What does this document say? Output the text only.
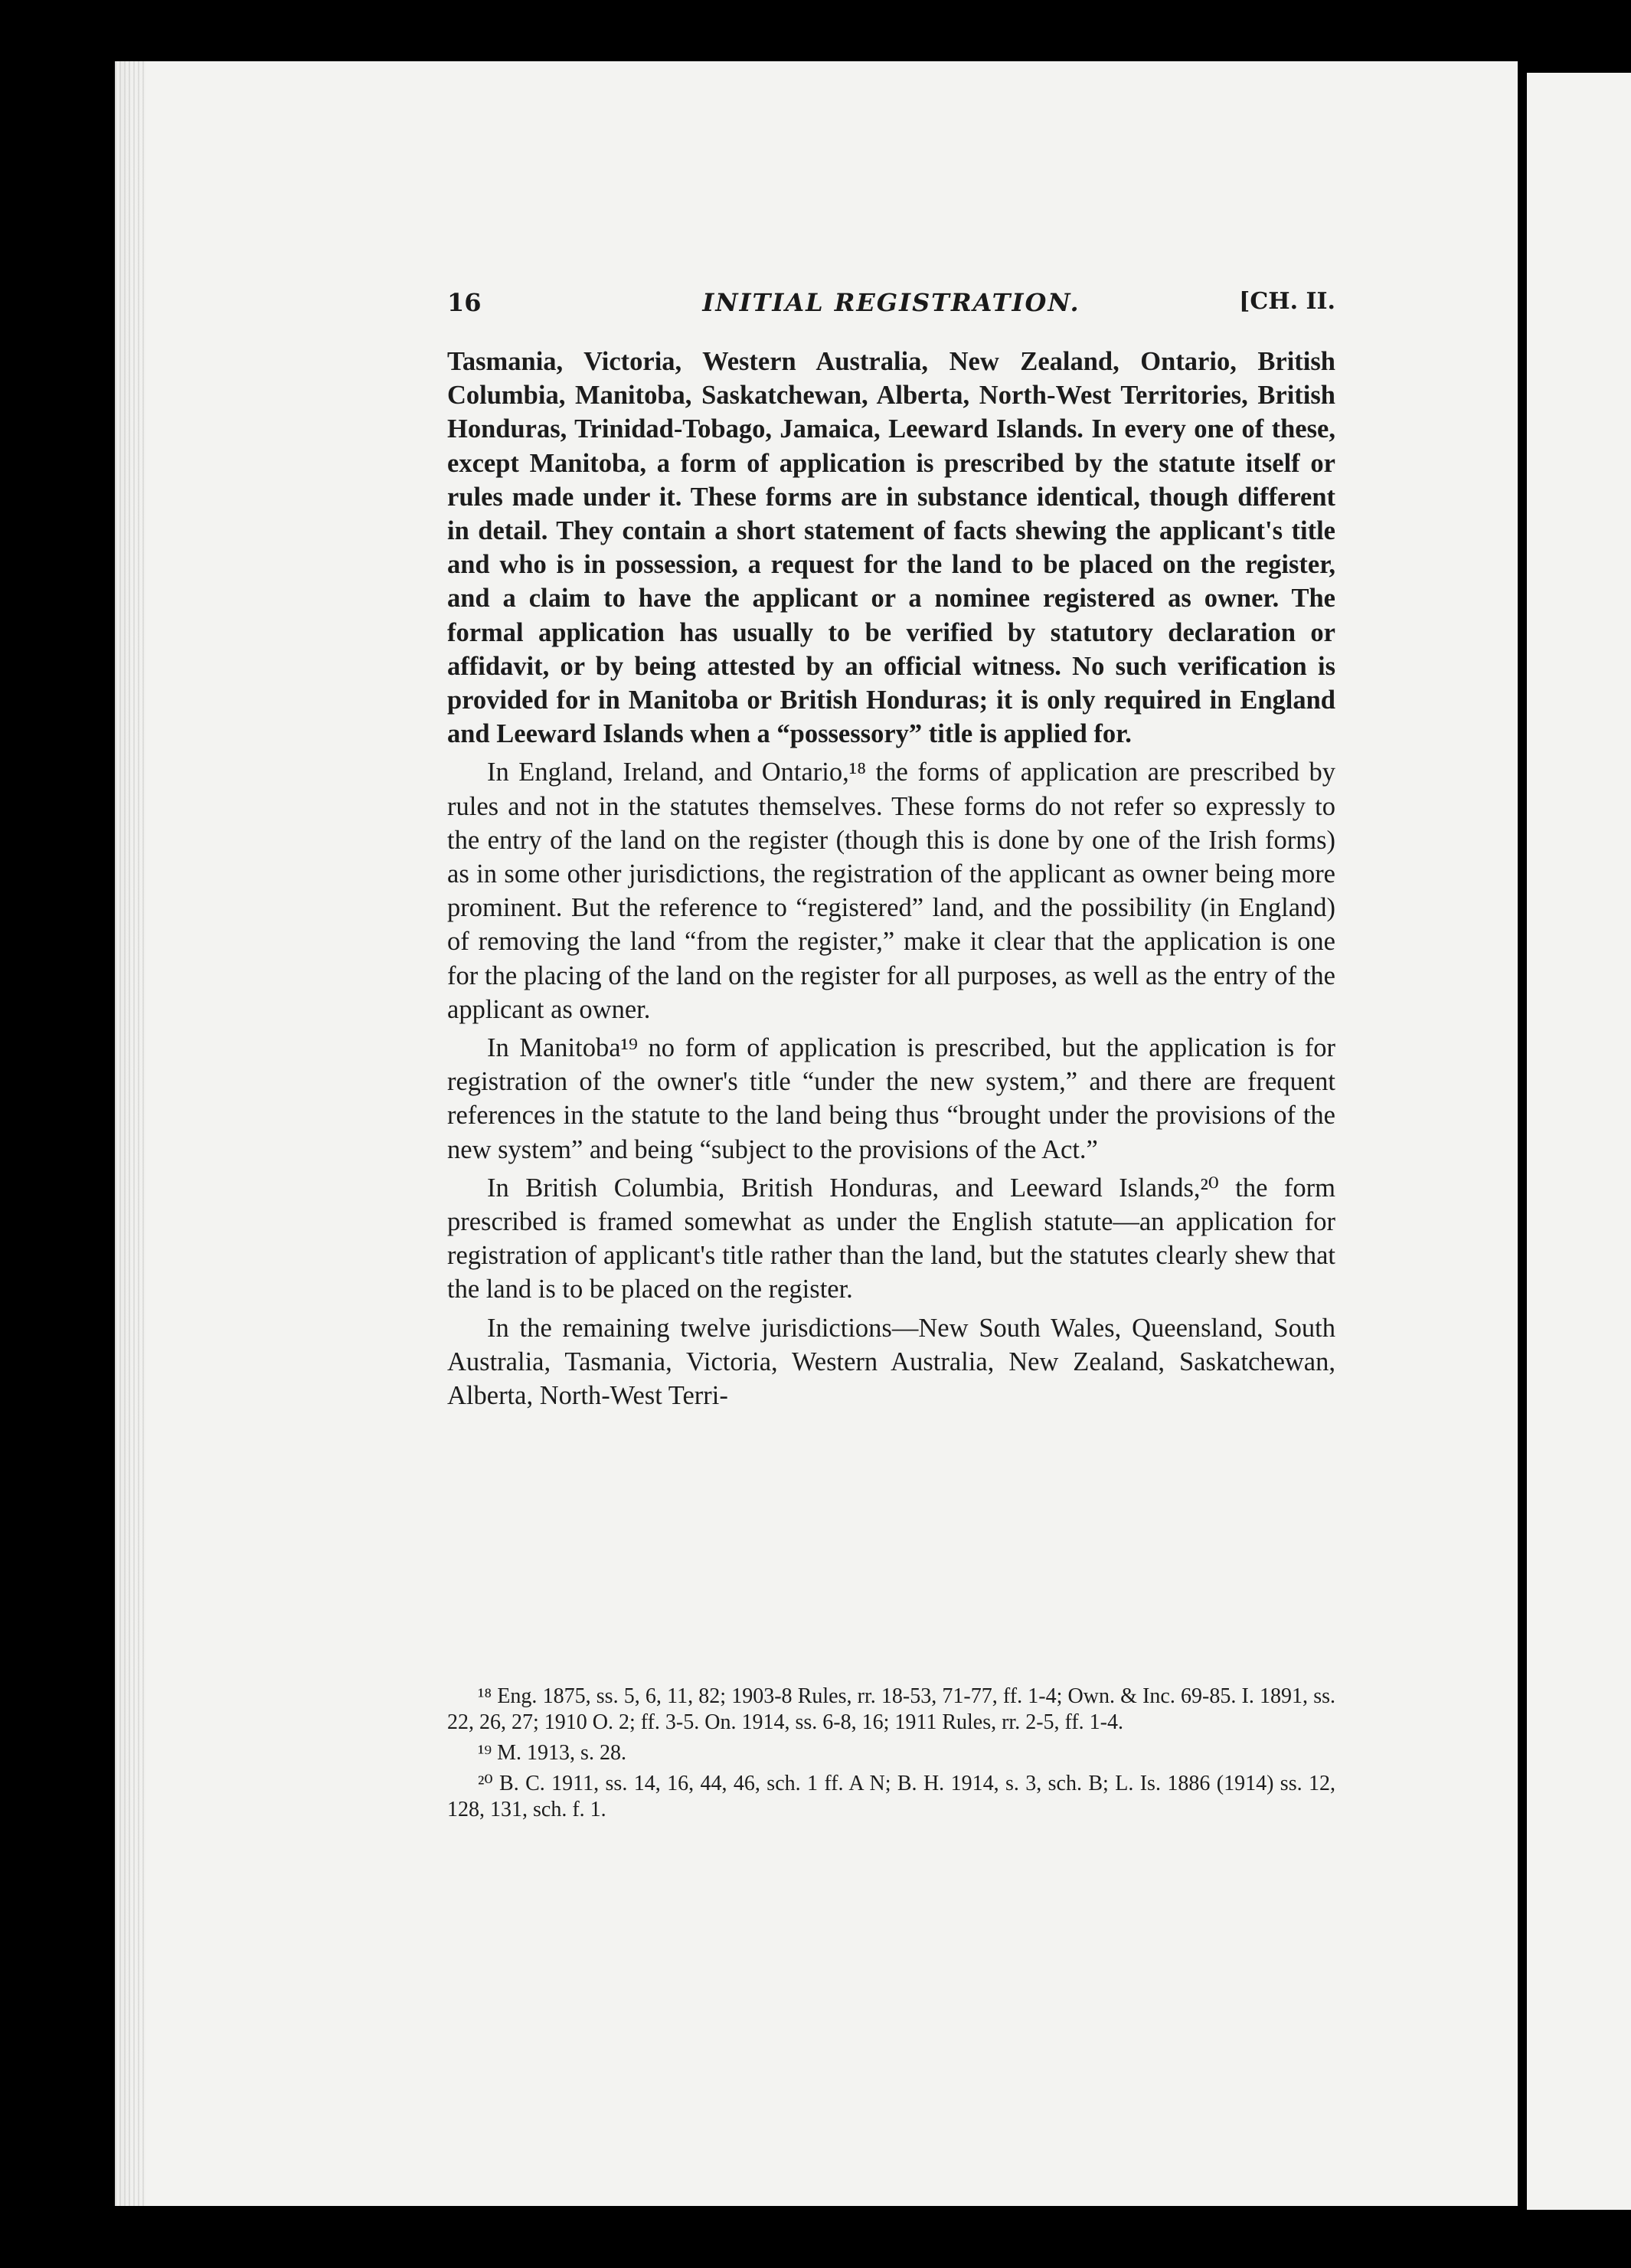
16	INITIAL REGISTRATION.	[CH. II.

Tasmania, Victoria, Western Australia, New Zealand, Ontario, British Columbia, Manitoba, Saskatchewan, Alberta, North-West Territories, British Honduras, Trinidad-Tobago, Jamaica, Leeward Islands. In every one of these, except Manitoba, a form of application is prescribed by the statute itself or rules made under it. These forms are in substance identical, though different in detail. They contain a short statement of facts shewing the applicant's title and who is in possession, a request for the land to be placed on the register, and a claim to have the applicant or a nominee registered as owner. The formal application has usually to be verified by statutory declaration or affidavit, or by being attested by an official witness. No such verification is provided for in Manitoba or British Honduras; it is only required in England and Leeward Islands when a “possessory” title is applied for.

In England, Ireland, and Ontario,¹⁸ the forms of application are prescribed by rules and not in the statutes themselves. These forms do not refer so expressly to the entry of the land on the register (though this is done by one of the Irish forms) as in some other jurisdictions, the registration of the applicant as owner being more prominent. But the reference to “registered” land, and the possibility (in England) of removing the land “from the register,” make it clear that the application is one for the placing of the land on the register for all purposes, as well as the entry of the applicant as owner.

In Manitoba¹⁹ no form of application is prescribed, but the application is for registration of the owner's title “under the new system,” and there are frequent references in the statute to the land being thus “brought under the provisions of the new system” and being “subject to the provisions of the Act.”

In British Columbia, British Honduras, and Leeward Islands,²⁰ the form prescribed is framed somewhat as under the English statute—an application for registration of applicant's title rather than the land, but the statutes clearly shew that the land is to be placed on the register.

In the remaining twelve jurisdictions—New South Wales, Queensland, South Australia, Tasmania, Victoria, Western Australia, New Zealand, Saskatchewan, Alberta, North-West Terri-

¹⁸ Eng. 1875, ss. 5, 6, 11, 82; 1903-8 Rules, rr. 18-53, 71-77, ff. 1-4; Own. & Inc. 69-85. I. 1891, ss. 22, 26, 27; 1910 O. 2; ff. 3-5. On. 1914, ss. 6-8, 16; 1911 Rules, rr. 2-5, ff. 1-4.

¹⁹ M. 1913, s. 28.

²⁰ B. C. 1911, ss. 14, 16, 44, 46, sch. 1 ff. A N; B. H. 1914, s. 3, sch. B; L. Is. 1886 (1914) ss. 12, 128, 131, sch. f. 1.
